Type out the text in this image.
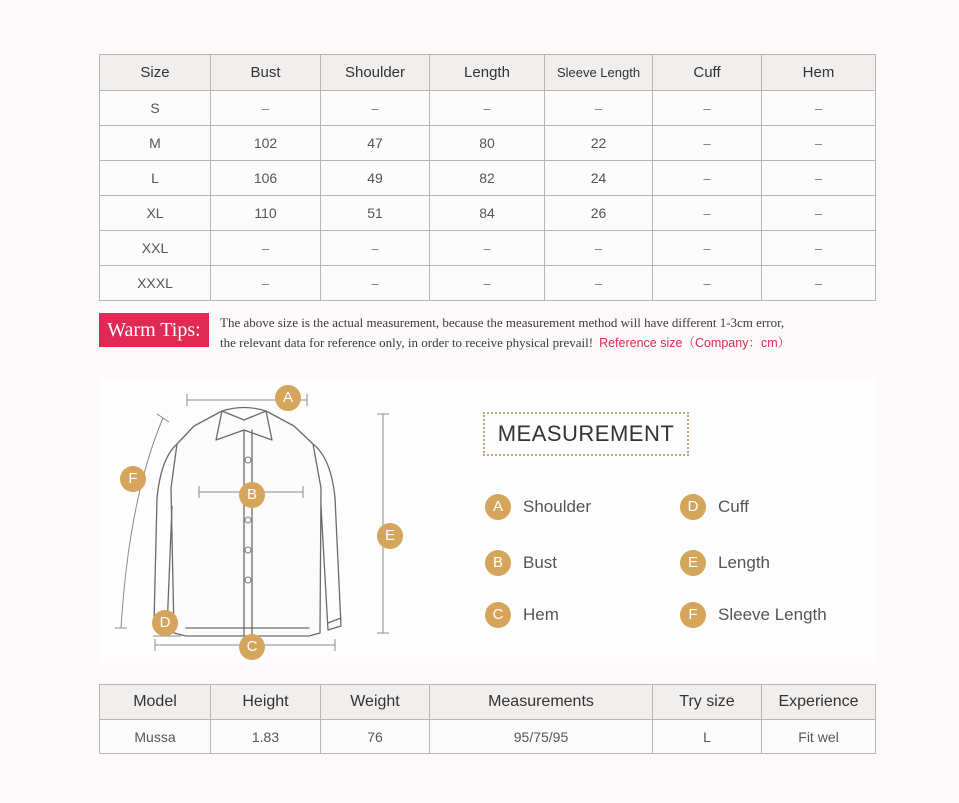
Size	Bust	Shoulder	Length	Sleeve Length	Cuff	Hem
S	–	–	–	–	–	–
M	102	47	80	22	–	–
L	106	49	82	24	–	–
XL	110	51	84	26	–	–
XXL	–	–	–	–	–	–
XXXL	–	–	–	–	–	–
Warm Tips:	The above size is the actual measurement, because the measurement method will have different 1-3cm error,
the relevant data for reference only, in order to receive physical prevail! Reference size（Company：cm）
A
B
C
D
E
F
MEASUREMENT
A	Shoulder
B	Bust
C	Hem
D	Cuff
E	Length
F	Sleeve Length
Model	Height	Weight	Measurements	Try size	Experience
Mussa	1.83	76	95/75/95	L	Fit wel
